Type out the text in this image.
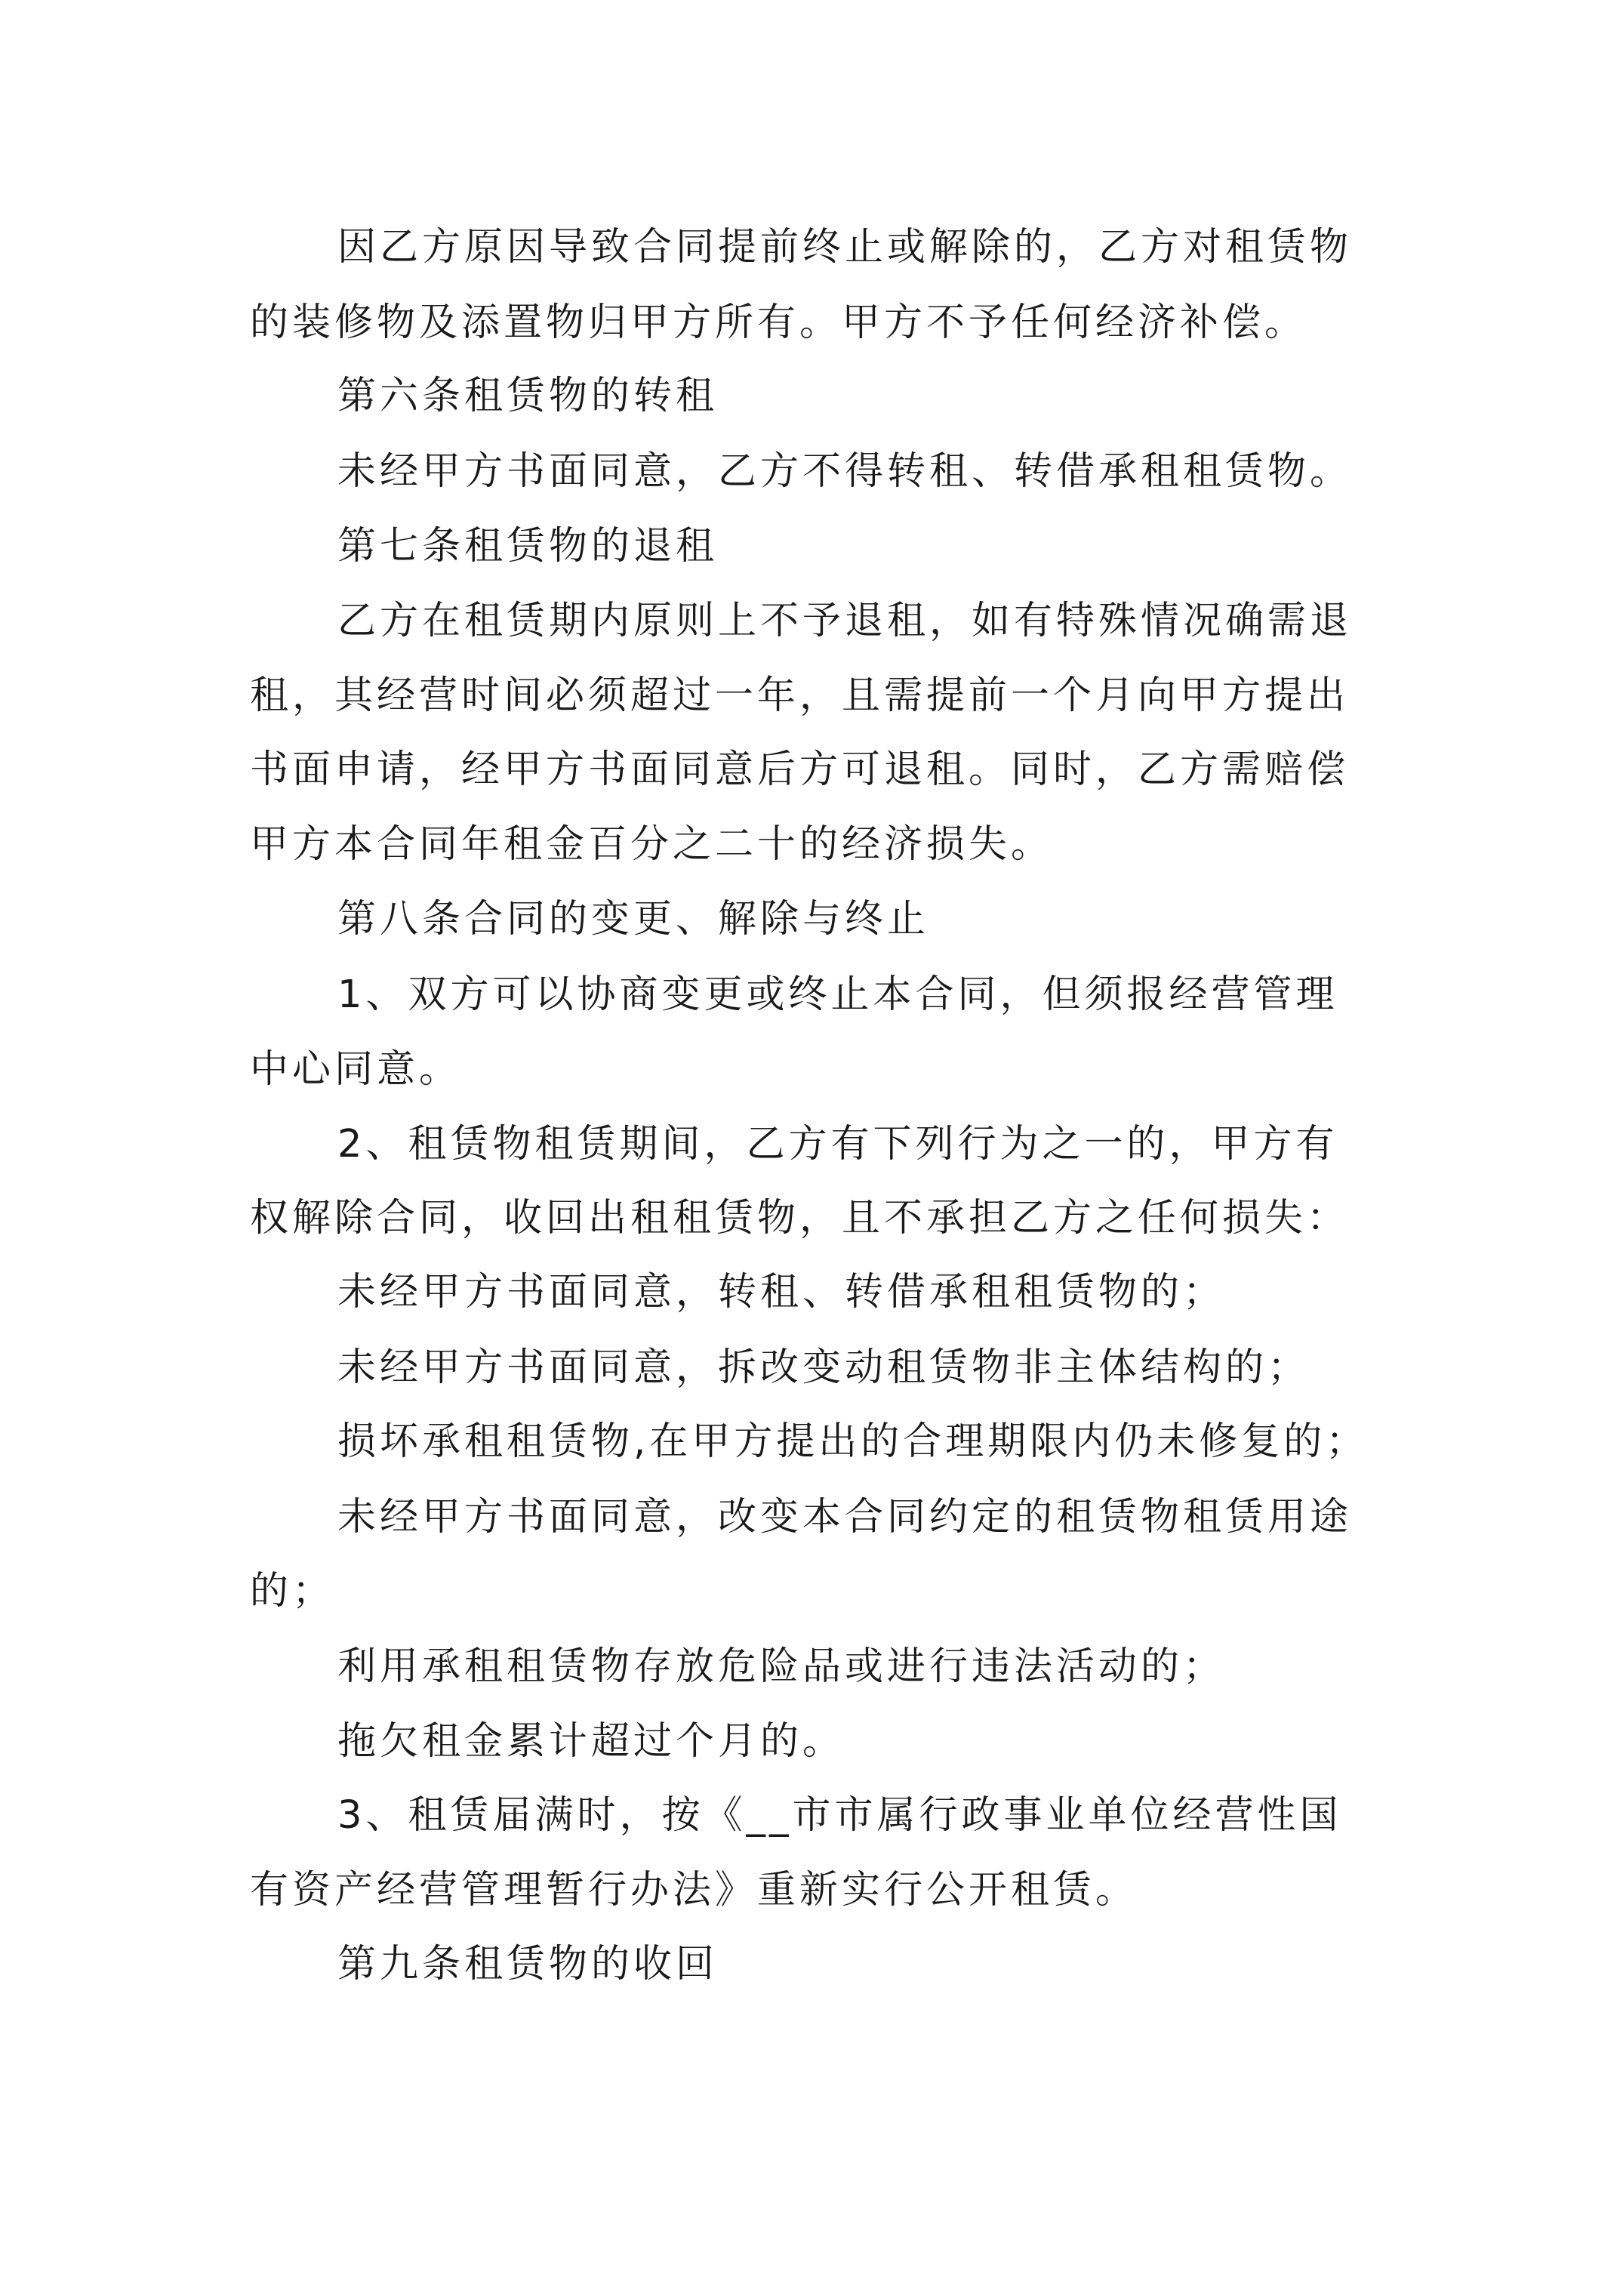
因乙方原因导致合同提前终止或解除的，乙方对租赁物

的装修物及添置物归甲方所有。甲方不予任何经济补偿。

第六条租赁物的转租

未经甲方书面同意，乙方不得转租、转借承租租赁物。

第七条租赁物的退租

乙方在租赁期内原则上不予退租，如有特殊情况确需退

租，其经营时间必须超过一年，且需提前一个月向甲方提出

书面申请，经甲方书面同意后方可退租。同时，乙方需赔偿

甲方本合同年租金百分之二十的经济损失。

第八条合同的变更、解除与终止

1、双方可以协商变更或终止本合同，但须报经营管理

中心同意。

2、租赁物租赁期间，乙方有下列行为之一的，甲方有

权解除合同，收回出租租赁物，且不承担乙方之任何损失：

未经甲方书面同意，转租、转借承租租赁物的；

未经甲方书面同意，拆改变动租赁物非主体结构的；

损坏承租租赁物,在甲方提出的合理期限内仍未修复的；

未经甲方书面同意，改变本合同约定的租赁物租赁用途

的；

利用承租租赁物存放危险品或进行违法活动的；

拖欠租金累计超过个月的。

3、租赁届满时，按《__市市属行政事业单位经营性国

有资产经营管理暂行办法》重新实行公开租赁。

第九条租赁物的收回
